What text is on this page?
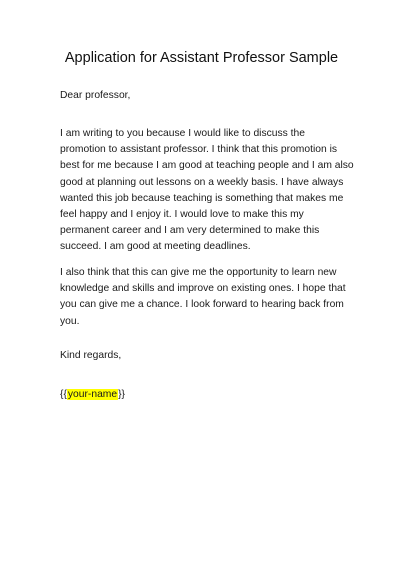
Application for Assistant Professor Sample
Dear professor,
I am writing to you because I would like to discuss the
promotion to assistant professor. I think that this promotion is
best for me because I am good at teaching people and I am also
good at planning out lessons on a weekly basis. I have always
wanted this job because teaching is something that makes me
feel happy and I enjoy it. I would love to make this my
permanent career and I am very determined to make this
succeed. I am good at meeting deadlines.
I also think that this can give me the opportunity to learn new
knowledge and skills and improve on existing ones. I hope that
you can give me a chance. I look forward to hearing back from
you.
Kind regards,
{{your-name}}
